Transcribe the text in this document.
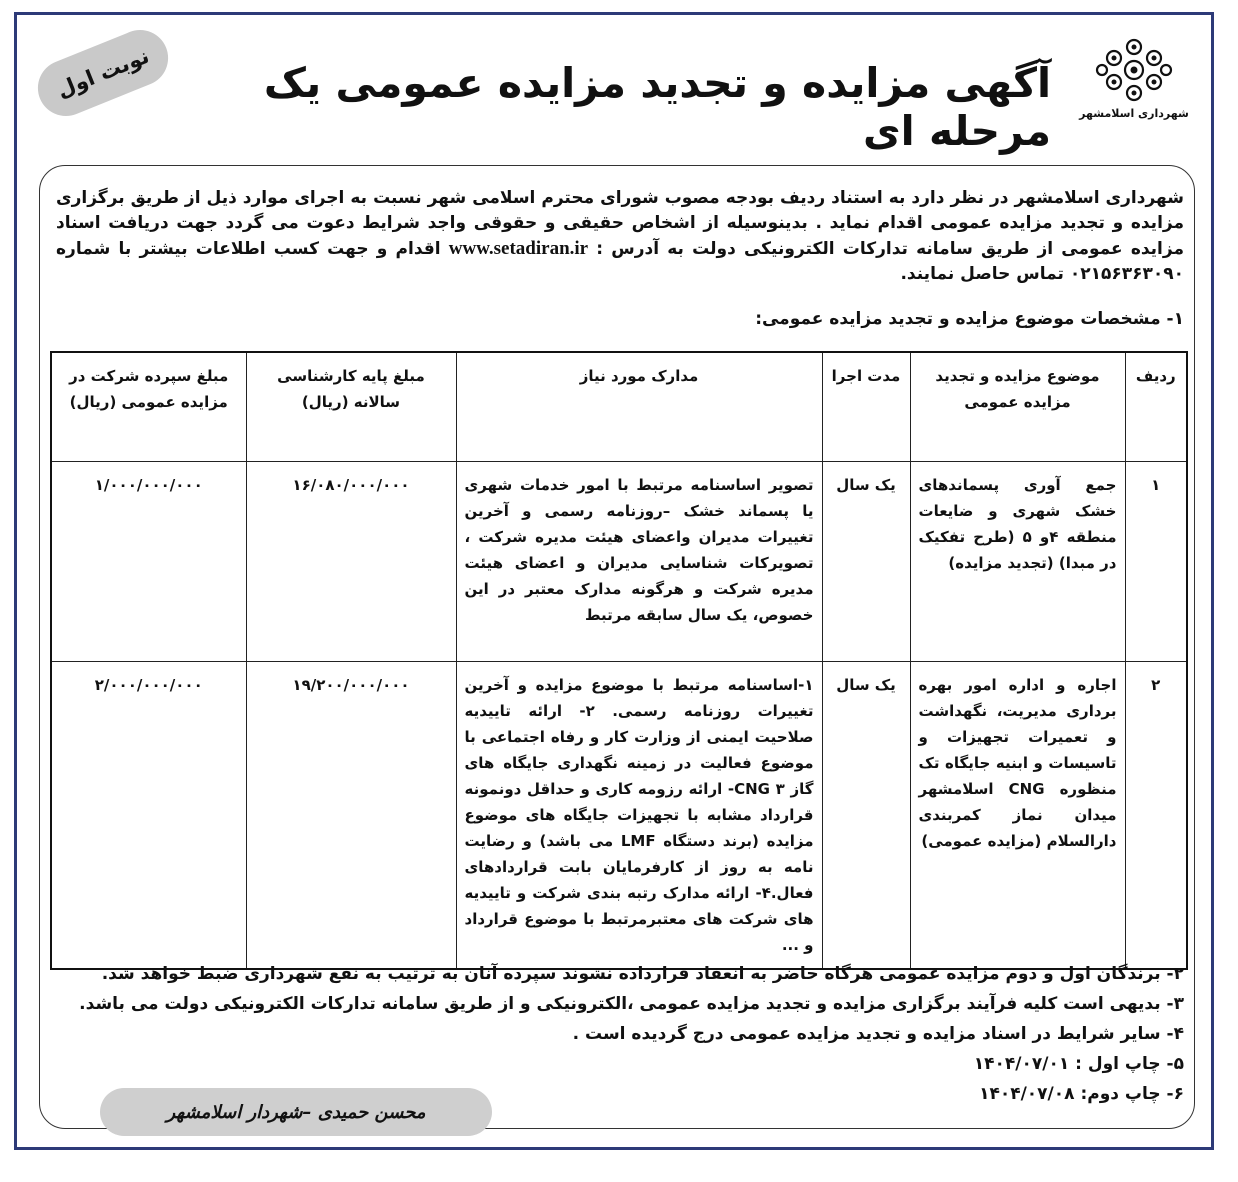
شهرداری اسلامشهر
آگهی مزایده و تجدید مزایده عمومی یک مرحله ای
نوبت اول
شهرداری اسلامشهر در نظر دارد به استناد ردیف بودجه مصوب شورای محترم اسلامی شهر نسبت به اجرای موارد ذیل از طریق برگزاری مزایده و تجدید مزایده عمومی اقدام نماید . بدینوسیله از اشخاص حقیقی و حقوقی واجد شرایط دعوت می گردد جهت دریافت اسناد مزایده عمومی از طریق سامانه تدارکات الکترونیکی دولت به آدرس : www.setadiran.ir اقدام و جهت کسب اطلاعات بیشتر با شماره ۰۲۱۵۶۳۶۳۰۹۰ تماس حاصل نمایند.
۱- مشخصات موضوع مزایده و تجدید مزایده عمومی:
ردیف	موضوع مزایده و تجدید مزایده عمومی	مدت اجرا	مدارک مورد نیاز	مبلغ پایه کارشناسی سالانه (ریال)	مبلغ سپرده شرکت در مزایده عمومی (ریال)
۱	جمع آوری پسماندهای خشک شهری و ضایعات منطقه ۴و ۵ (طرح تفکیک در مبدا) (تجدید مزایده)	یک سال	تصویر اساسنامه مرتبط با امور خدمات شهری یا پسماند خشک –روزنامه رسمی و آخرین تغییرات مدیران واعضای هیئت مدیره شرکت ، تصویرکات شناسایی مدیران و اعضای هیئت مدیره شرکت و هرگونه مدارک معتبر در این خصوص، یک سال سابقه مرتبط	۱۶/۰۸۰/۰۰۰/۰۰۰	۱/۰۰۰/۰۰۰/۰۰۰
۲	اجاره و اداره امور بهره برداری مدیریت، نگهداشت و تعمیرات تجهیزات و تاسیسات و ابنیه جایگاه تک منظوره CNG اسلامشهر میدان نماز کمربندی دارالسلام (مزایده عمومی)	یک سال	۱-اساسنامه مرتبط با موضوع مزایده و آخرین تغییرات روزنامه رسمی. ۲- ارائه تاییدیه صلاحیت ایمنی از وزارت کار و رفاه اجتماعی با موضوع فعالیت در زمینه نگهداری جایگاه های گاز CNG ۳- ارائه رزومه کاری و حداقل دونمونه قرارداد مشابه با تجهیزات جایگاه های موضوع مزایده (برند دستگاه LMF می باشد) و رضایت نامه به روز از کارفرمایان بابت قراردادهای فعال.۴- ارائه مدارک رتبه بندی شرکت و تاییدیه های شرکت های معتبرمرتبط با موضوع قرارداد و ...	۱۹/۲۰۰/۰۰۰/۰۰۰	۲/۰۰۰/۰۰۰/۰۰۰
۲- برندگان اول و دوم مزایده عمومی هرگاه حاضر به انعقاد قرارداده نشوند سپرده آنان به ترتیب به نفع شهرداری ضبط خواهد شد.
۳- بدیهی است کلیه فرآیند برگزاری مزایده و تجدید مزایده عمومی ،الکترونیکی و از طریق سامانه تدارکات الکترونیکی دولت می باشد.
۴- سایر شرایط در اسناد مزایده و تجدید مزایده عمومی درج گردیده است .
۵- چاپ اول : ۱۴۰۴/۰۷/۰۱
۶- چاپ دوم: ۱۴۰۴/۰۷/۰۸
محسن حمیدی –شهردار اسلامشهر
